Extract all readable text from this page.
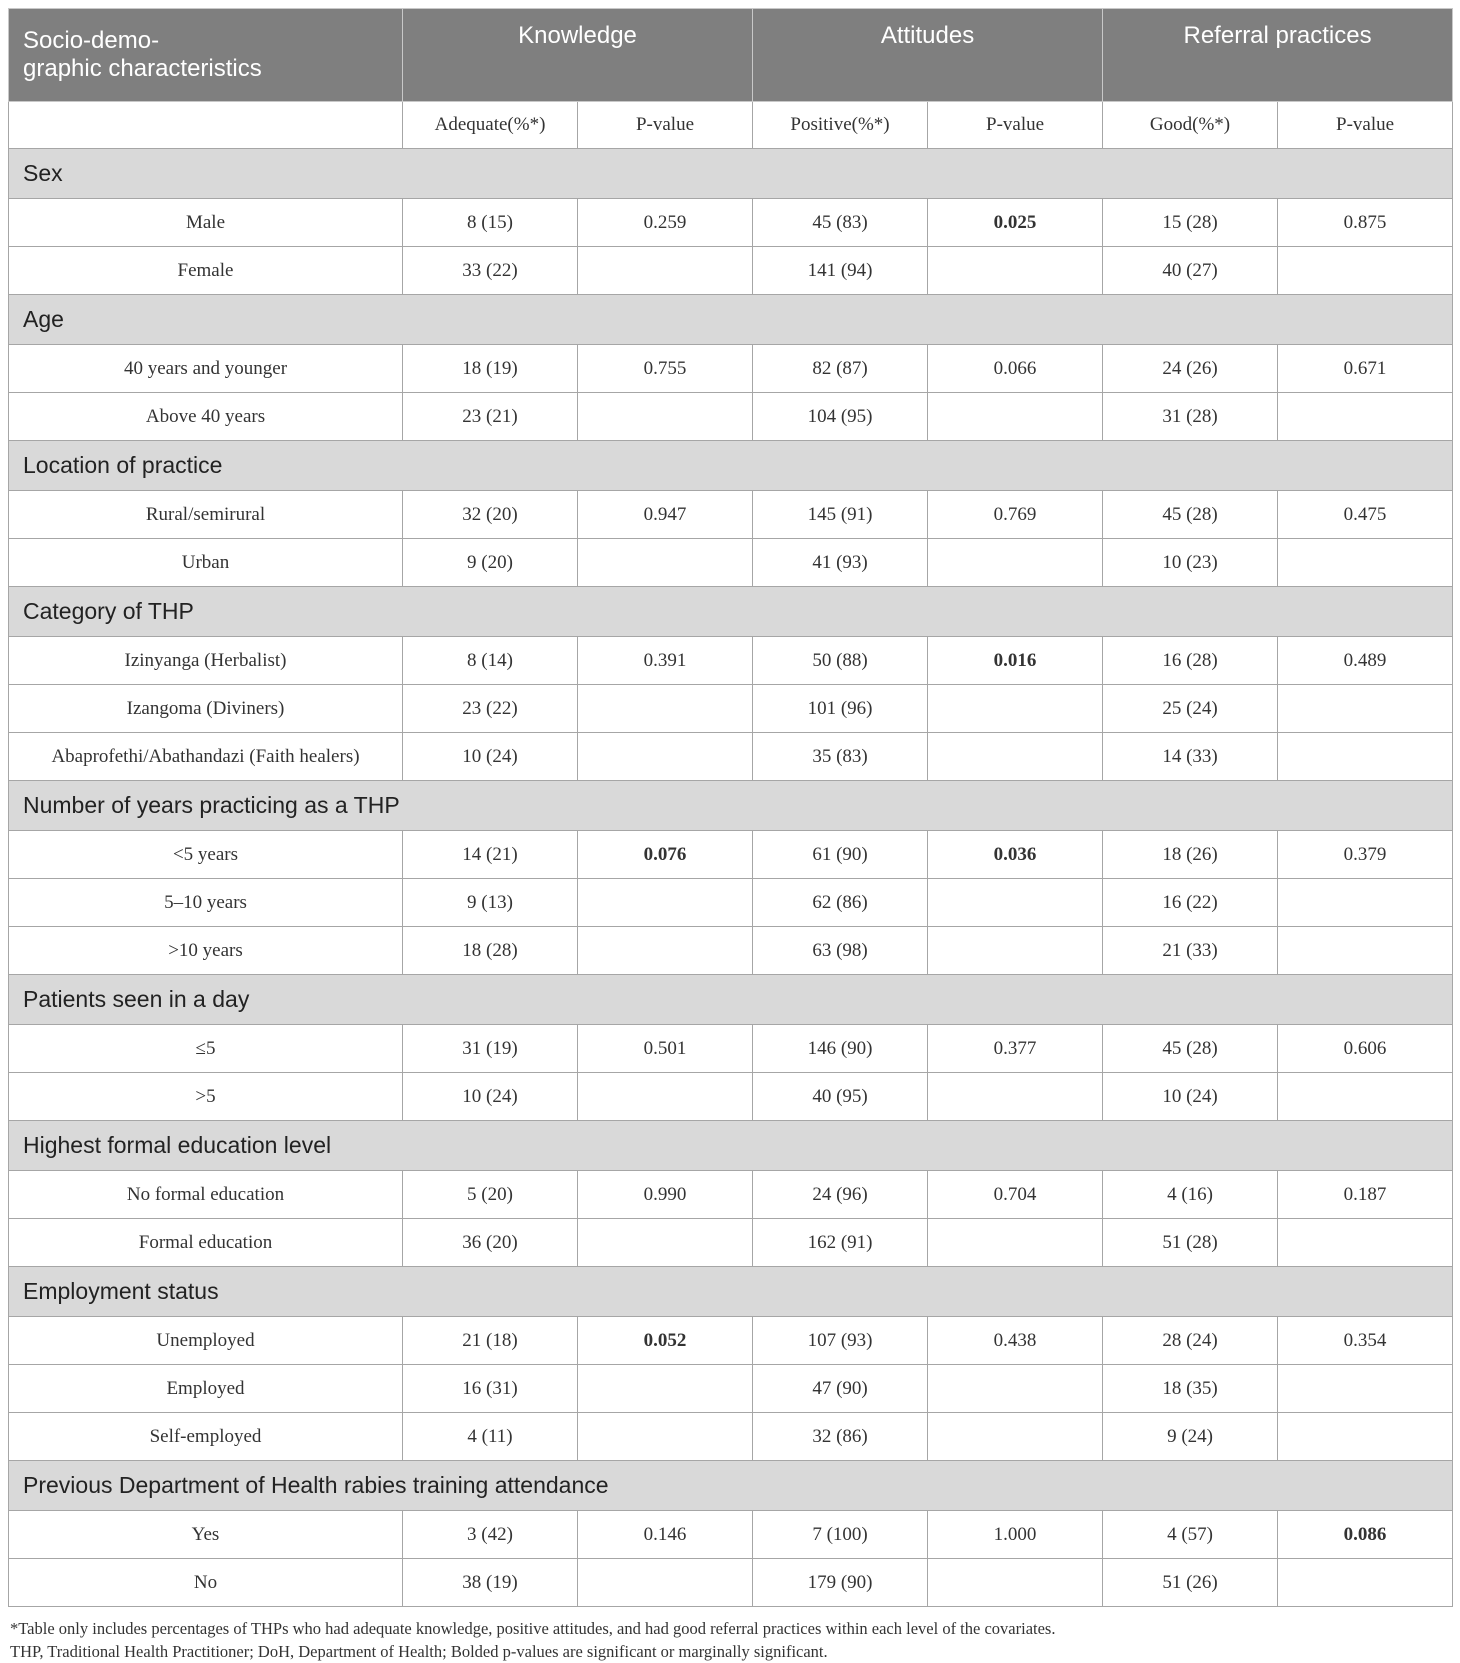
Socio-demo-
graphic characteristics	Knowledge		Attitudes		Referral practices	
	Adequate(%*)	P-value	Positive(%*)	P-value	Good(%*)	P-value
Sex						
Male	8 (15)	0.259	45 (83)	0.025	15 (28)	0.875
Female	33 (22)		141 (94)		40 (27)	
Age						
40 years and younger	18 (19)	0.755	82 (87)	0.066	24 (26)	0.671
Above 40 years	23 (21)		104 (95)		31 (28)	
Location of practice						
Rural/semirural	32 (20)	0.947	145 (91)	0.769	45 (28)	0.475
Urban	9 (20)		41 (93)		10 (23)	
Category of THP						
Izinyanga (Herbalist)	8 (14)	0.391	50 (88)	0.016	16 (28)	0.489
Izangoma (Diviners)	23 (22)		101 (96)		25 (24)	
Abaprofethi/Abathandazi (Faith healers)	10 (24)		35 (83)		14 (33)	
Number of years practicing as a THP						
<5 years	14 (21)	0.076	61 (90)	0.036	18 (26)	0.379
5–10 years	9 (13)		62 (86)		16 (22)	
>10 years	18 (28)		63 (98)		21 (33)	
Patients seen in a day						
≤5	31 (19)	0.501	146 (90)	0.377	45 (28)	0.606
>5	10 (24)		40 (95)		10 (24)	
Highest formal education level						
No formal education	5 (20)	0.990	24 (96)	0.704	4 (16)	0.187
Formal education	36 (20)		162 (91)		51 (28)	
Employment status						
Unemployed	21 (18)	0.052	107 (93)	0.438	28 (24)	0.354
Employed	16 (31)		47 (90)		18 (35)	
Self-employed	4 (11)		32 (86)		9 (24)	
Previous Department of Health rabies training attendance						
Yes	3 (42)	0.146	7 (100)	1.000	4 (57)	0.086
No	38 (19)		179 (90)		51 (26)	
*Table only includes percentages of THPs who had adequate knowledge, positive attitudes, and had good referral practices within each level of the covariates.
THP, Traditional Health Practitioner; DoH, Department of Health; Bolded p-values are significant or marginally significant.
